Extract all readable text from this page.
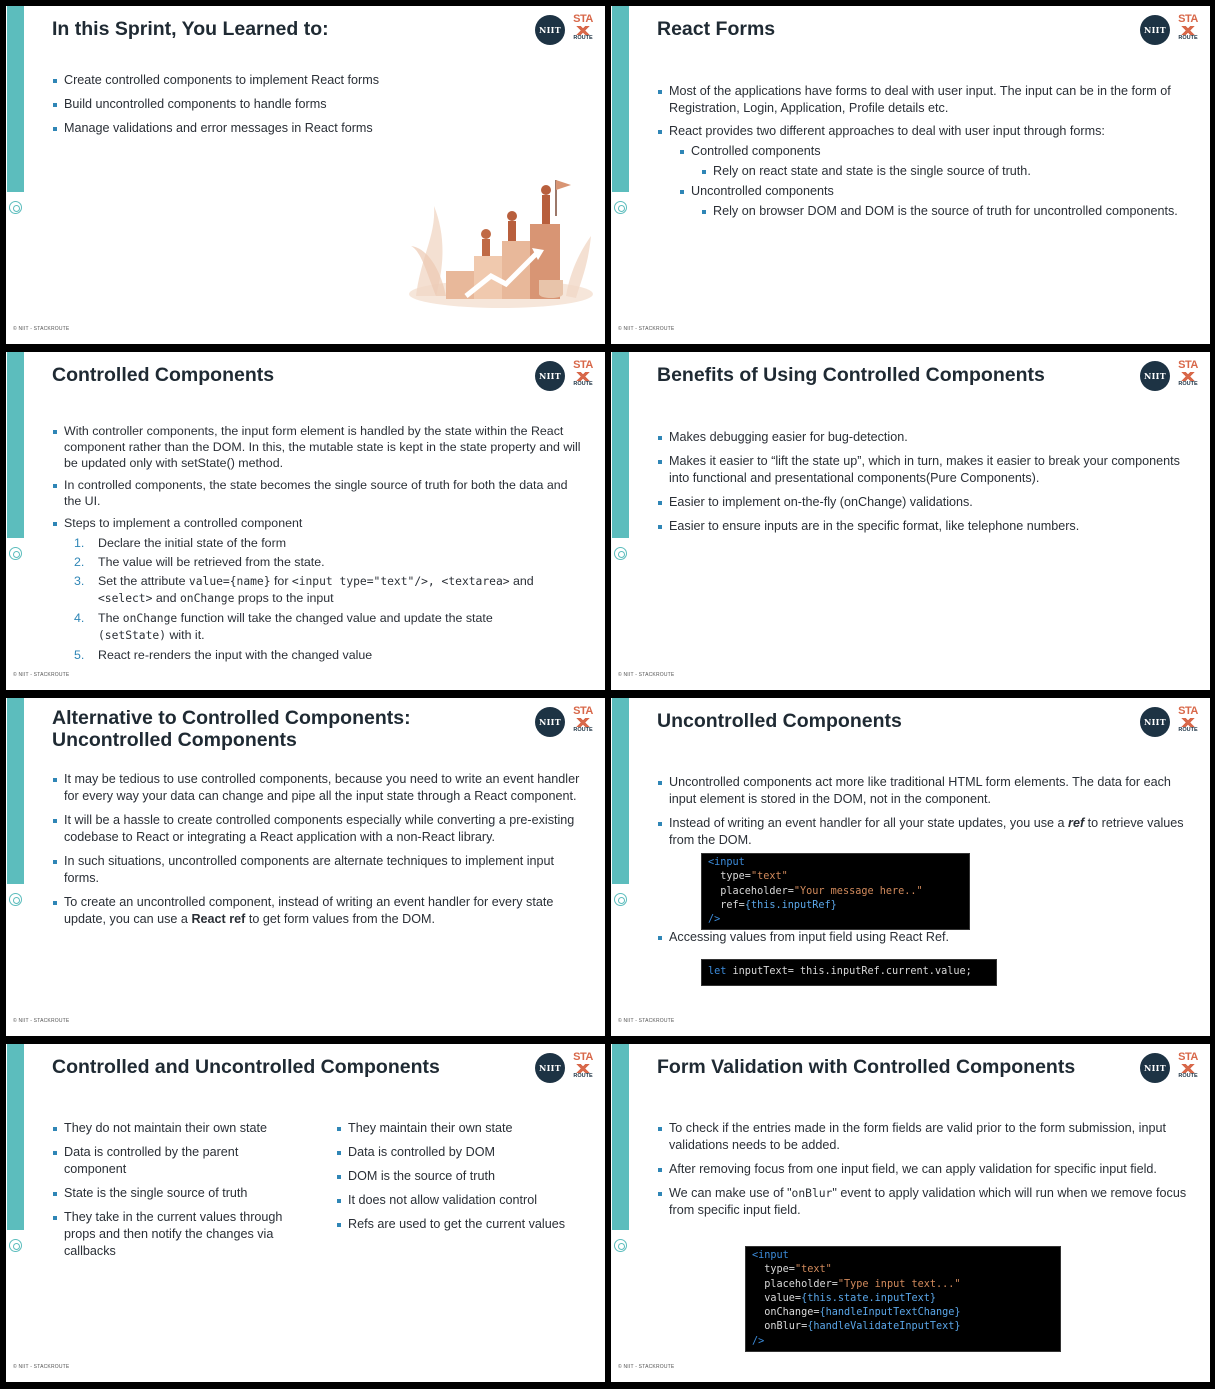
In this Sprint, You Learned to:	NIIT
STA
ROUTE
Create controlled components to implement React forms
Build uncontrolled components to handle forms
Manage validations and error messages in React forms
© NIIT - STACKROUTE
React Forms	NIIT
STA
ROUTE
Most of the applications have forms to deal with user input. The input can be in the form of Registration, Login, Application, Profile details etc.
React provides two different approaches to deal with user input through forms:
Controlled components
Rely on react state and state is the single source of truth.
Uncontrolled components
Rely on browser DOM and DOM is the source of truth for uncontrolled components.
© NIIT - STACKROUTE
Controlled Components	NIIT
STA
ROUTE
With controller components, the input form element is handled by the state within the React component rather than the DOM. In this, the mutable state is kept in the state property and will be updated only with setState() method.
In controlled components, the state becomes the single source of truth for both the data and the UI.
Steps to implement a controlled component
1. Declare the initial state of the form
2. The value will be retrieved from the state.
3. Set the attribute value={name} for <input type="text"/>, <textarea> and
<select> and onChange props to the input
4. The onChange function will take the changed value and update the state
(setState) with it.
5. React re-renders the input with the changed value
© NIIT - STACKROUTE
Benefits of Using Controlled Components	NIIT
STA
ROUTE
Makes debugging easier for bug-detection.
Makes it easier to “lift the state up”, which in turn, makes it easier to break your components into functional and presentational components(Pure Components).
Easier to implement on-the-fly (onChange) validations.
Easier to ensure inputs are in the specific format, like telephone numbers.
© NIIT - STACKROUTE
Alternative to Controlled Components: Uncontrolled Components
NIIT
STA
ROUTE
It may be tedious to use controlled components, because you need to write an event handler for every way your data can change and pipe all the input state through a React component.
It will be a hassle to create controlled components especially while converting a pre-existing codebase to React or integrating a React application with a non-React library.
In such situations, uncontrolled components are alternate techniques to implement input forms.
To create an uncontrolled component, instead of writing an event handler for every state update, you can use a React ref to get form values from the DOM.
© NIIT - STACKROUTE
Uncontrolled Components	NIIT
STA
ROUTE
Uncontrolled components act more like traditional HTML form elements. The data for each input element is stored in the DOM, not in the component.
Instead of writing an event handler for all your state updates, you use a ref to retrieve values from the DOM.
<input
type="text"
placeholder="Your message here.."
ref={this.inputRef}
/>
Accessing values from input field using React Ref.
let inputText= this.inputRef.current.value;
© NIIT - STACKROUTE
Controlled and Uncontrolled Components	NIIT
STA
ROUTE
They do not maintain their own state
Data is controlled by the parent component
State is the single source of truth
They take in the current values through props and then notify the changes via callbacks
They maintain their own state
Data is controlled by DOM
DOM is the source of truth
It does not allow validation control
Refs are used to get the current values
© NIIT - STACKROUTE
Form Validation with Controlled Components	NIIT
STA
ROUTE
To check if the entries made in the form fields are valid prior to the form submission, input validations needs to be added.
After removing focus from one input field, we can apply validation for specific input field.
We can make use of "onBlur" event to apply validation which will run when we remove focus from specific input field.
<input
type="text"
placeholder="Type input text..."
value={this.state.inputText}
onChange={handleInputTextChange}
onBlur={handleValidateInputText}
/>
© NIIT - STACKROUTE
